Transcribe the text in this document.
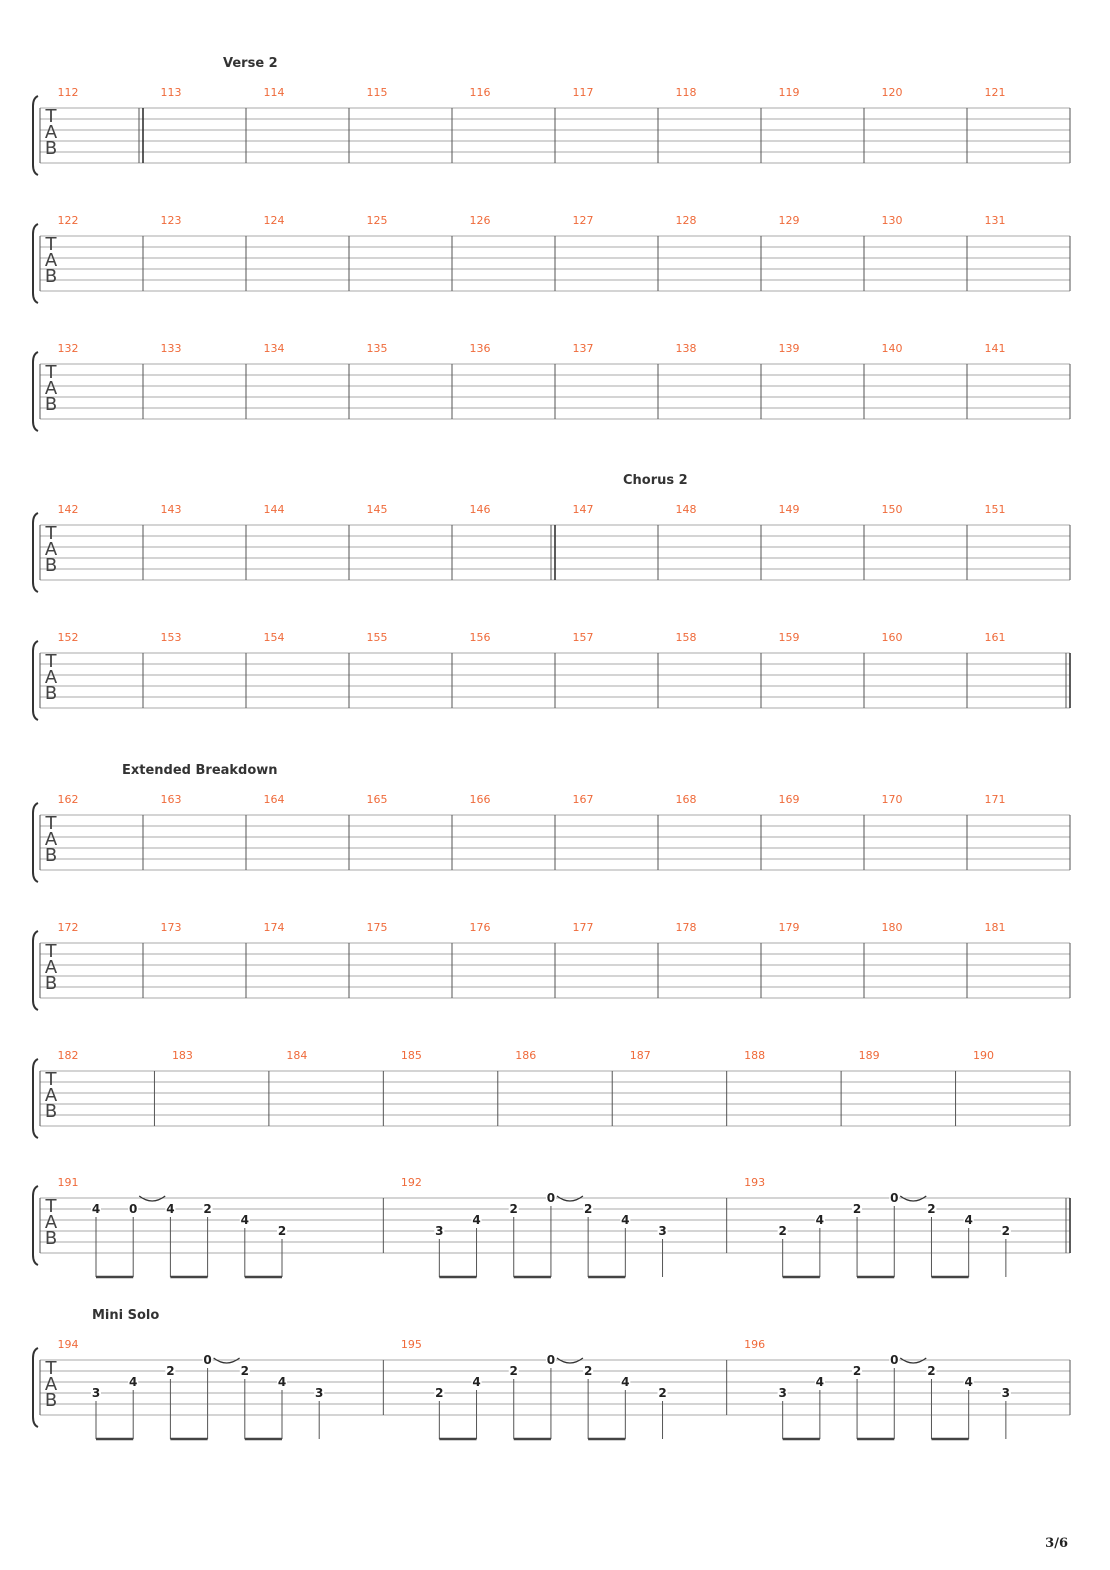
Verse 2
T
A
B
112	113	114	115	116	117	118	119	120	121
T
A
B
122	123	124	125	126	127	128	129	130	131
T
A
B
132	133	134	135	136	137	138	139	140	141
Chorus 2
T
A
B
142	143	144	145	146	147	148	149	150	151
T
A
B
152	153	154	155	156	157	158	159	160	161
Extended Breakdown
T
A
B
162	163	164	165	166	167	168	169	170	171
T
A
B
172	173	174	175	176	177	178	179	180	181
T
A
B
182	183	184	185	186	187	188	189	190
T
A
B
191
4 0 4 2
4
2
192
3
4
2
0
2
4
3
193
2
4
2
0
2
4
2
Mini Solo
T
A
B
194
3
4
2
0
2
4
3
195
2
4
2
0
2
4
2
196
3
4
2
0
2
4
3
3/6
